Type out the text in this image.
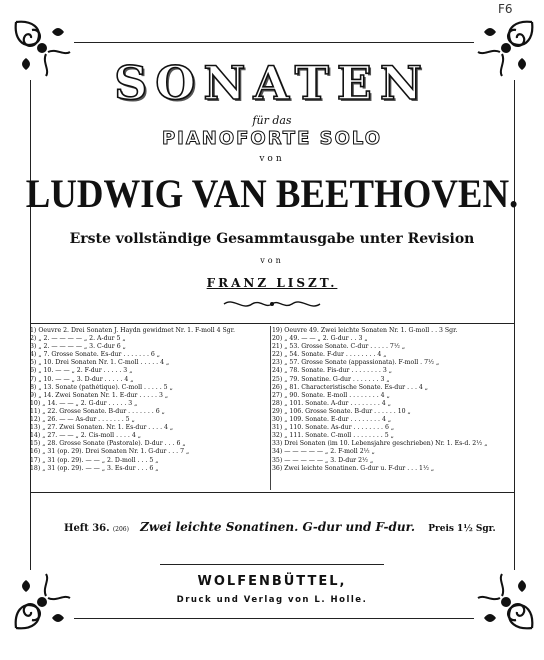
F6
SONATEN
für das
PIANOFORTE SOLO
von
LUDWIG VAN BEETHOVEN.
Erste vollständige Gesammtausgabe unter Revision
von
FRANZ LISZT.
1) Oeuvre 2. Drei Sonaten J. Haydn gewidmet Nr. 1. F-moll 4 Sgr.
2) „ 2. — — — — „ 2. A-dur 5 „
3) „ 2. — — — — „ 3. C-dur 6 „
4) „ 7. Grosse Sonate. Es-dur . . . . . . . 6 „
5) „ 10. Drei Sonaten Nr. 1. C-moll . . . . . 4 „
6) „ 10. — — „ 2. F-dur . . . . . 3 „
7) „ 10. — — „ 3. D-dur . . . . . 4 „
8) „ 13. Sonate (pathétique). C-moll . . . . . 5 „
9) „ 14. Zwei Sonaten Nr. 1. E-dur . . . . . 3 „
10) „ 14. — — „ 2. G-dur . . . . . 3 „
11) „ 22. Grosse Sonate. B-dur . . . . . . . 6 „
12) „ 26. — — As-dur . . . . . . . 5 „
13) „ 27. Zwei Sonaten. Nr. 1. Es-dur . . . . 4 „
14) „ 27. — — „ 2. Cis-moll . . . . 4 „
15) „ 28. Grosse Sonate (Pastorale). D-dur . . . 6 „
16) „ 31 (op. 29). Drei Sonaten Nr. 1. G-dur . . . 7 „
17) „ 31 (op. 29). — — „ 2. D-moll . . . 5 „
18) „ 31 (op. 29). — — „ 3. Es-dur . . . 6 „
19) Oeuvre 49. Zwei leichte Sonaten Nr. 1. G-moll . . 3 Sgr.
20) „ 49. — — „ 2. G-dur . . 3 „
21) „ 53. Grosse Sonate. C-dur . . . . . 7½ „
22) „ 54. Sonate. F-dur . . . . . . . . 4 „
23) „ 57. Grosse Sonate (appassionata). F-moll . 7½ „
24) „ 78. Sonate. Fis-dur . . . . . . . . 3 „
25) „ 79. Sonatine. G-dur . . . . . . . 3 „
26) „ 81. Characteristische Sonate. Es-dur . . . 4 „
27) „ 90. Sonate. E-moll . . . . . . . . 4 „
28) „ 101. Sonate. A-dur . . . . . . . . 4 „
29) „ 106. Grosse Sonate. B-dur . . . . . . 10 „
30) „ 109. Sonate. E-dur . . . . . . . . 4 „
31) „ 110. Sonate. As-dur . . . . . . . . 6 „
32) „ 111. Sonate. C-moll . . . . . . . . 5 „
33) Drei Sonaten (im 10. Lebensjahre geschrieben) Nr. 1. Es-d. 2½ „
34) — — — — — „ 2. F-moll 2½ „
35) — — — — — „ 3. D-dur 2½ „
36) Zwei leichte Sonatinen. G-dur u. F-dur . . . 1½ „
Heft 36. (206) Zwei leichte Sonatinen. G-dur und F-dur. Preis 1½ Sgr.
WOLFENBÜTTEL,
Druck und Verlag von L. Holle.
